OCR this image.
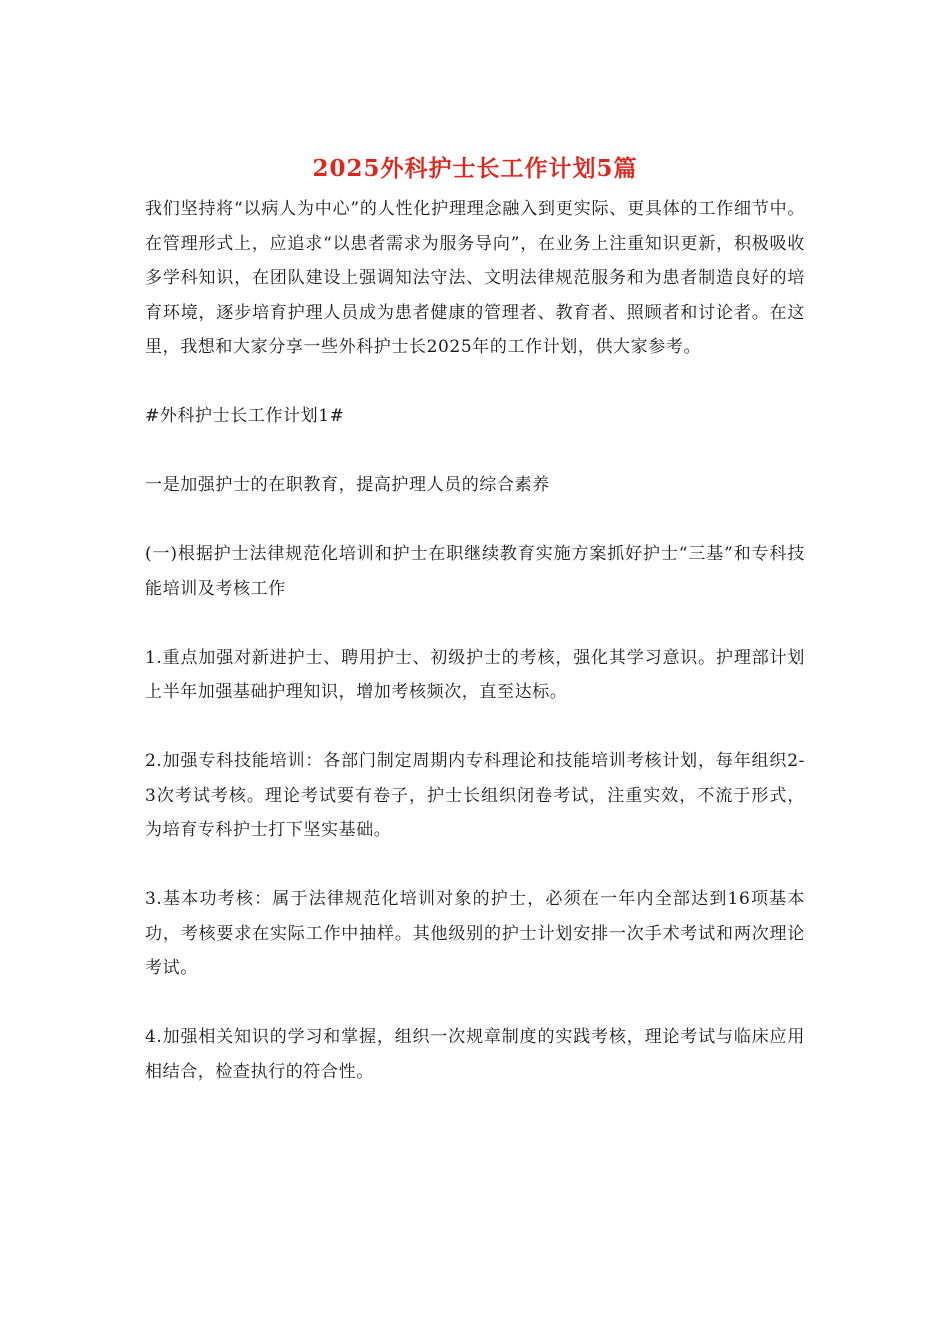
2025外科护士长工作计划5篇

我们坚持将“以病人为中心”的人性化护理理念融入到更实际、更具体的工作细节中。在管理形式上，应追求“以患者需求为服务导向”，在业务上注重知识更新，积极吸收多学科知识，在团队建设上强调知法守法、文明法律规范服务和为患者制造良好的培育环境，逐步培育护理人员成为患者健康的管理者、教育者、照顾者和讨论者。在这里，我想和大家分享一些外科护士长2025年的工作计划，供大家参考。

#外科护士长工作计划1#

一是加强护士的在职教育，提高护理人员的综合素养

(一)根据护士法律规范化培训和护士在职继续教育实施方案抓好护士“三基”和专科技能培训及考核工作

1.重点加强对新进护士、聘用护士、初级护士的考核，强化其学习意识。护理部计划上半年加强基础护理知识，增加考核频次，直至达标。

2.加强专科技能培训：各部门制定周期内专科理论和技能培训考核计划，每年组织2-3次考试考核。理论考试要有卷子，护士长组织闭卷考试，注重实效，不流于形式，为培育专科护士打下坚实基础。

3.基本功考核：属于法律规范化培训对象的护士，必须在一年内全部达到16项基本功，考核要求在实际工作中抽样。其他级别的护士计划安排一次手术考试和两次理论考试。

4.加强相关知识的学习和掌握，组织一次规章制度的实践考核，理论考试与临床应用相结合，检查执行的符合性。
